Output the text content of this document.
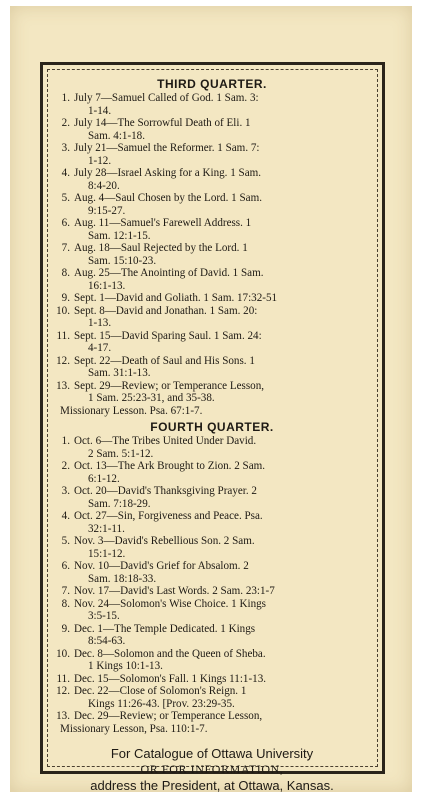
THIRD QUARTER.
1. July 7—Samuel Called of God. 1 Sam. 3:
1-14.
2. July 14—The Sorrowful Death of Eli. 1
Sam. 4:1-18.
3. July 21—Samuel the Reformer. 1 Sam. 7:
1-12.
4. July 28—Israel Asking for a King. 1 Sam.
8:4-20.
5. Aug. 4—Saul Chosen by the Lord. 1 Sam.
9:15-27.
6. Aug. 11—Samuel's Farewell Address. 1
Sam. 12:1-15.
7. Aug. 18—Saul Rejected by the Lord. 1
Sam. 15:10-23.
8. Aug. 25—The Anointing of David. 1 Sam.
16:1-13.
9. Sept. 1—David and Goliath. 1 Sam. 17:32-51
10. Sept. 8—David and Jonathan. 1 Sam. 20:
1-13.
11. Sept. 15—David Sparing Saul. 1 Sam. 24:
4-17.
12. Sept. 22—Death of Saul and His Sons. 1
Sam. 31:1-13.
13. Sept. 29—Review; or Temperance Lesson,
1 Sam. 25:23-31, and 35-38.
Missionary Lesson. Psa. 67:1-7.
FOURTH QUARTER.
1. Oct. 6—The Tribes United Under David.
2 Sam. 5:1-12.
2. Oct. 13—The Ark Brought to Zion. 2 Sam.
6:1-12.
3. Oct. 20—David's Thanksgiving Prayer. 2
Sam. 7:18-29.
4. Oct. 27—Sin, Forgiveness and Peace. Psa.
32:1-11.
5. Nov. 3—David's Rebellious Son. 2 Sam.
15:1-12.
6. Nov. 10—David's Grief for Absalom. 2
Sam. 18:18-33.
7. Nov. 17—David's Last Words. 2 Sam. 23:1-7
8. Nov. 24—Solomon's Wise Choice. 1 Kings
3:5-15.
9. Dec. 1—The Temple Dedicated. 1 Kings
8:54-63.
10. Dec. 8—Solomon and the Queen of Sheba.
1 Kings 10:1-13.
11. Dec. 15—Solomon's Fall. 1 Kings 11:1-13.
12. Dec. 22—Close of Solomon's Reign. 1
Kings 11:26-43. [Prov. 23:29-35.
13. Dec. 29—Review; or Temperance Lesson,
Missionary Lesson, Psa. 110:1-7.
For Catalogue of Ottawa University
OR FOR INFORMATION,
address the President, at Ottawa, Kansas.
